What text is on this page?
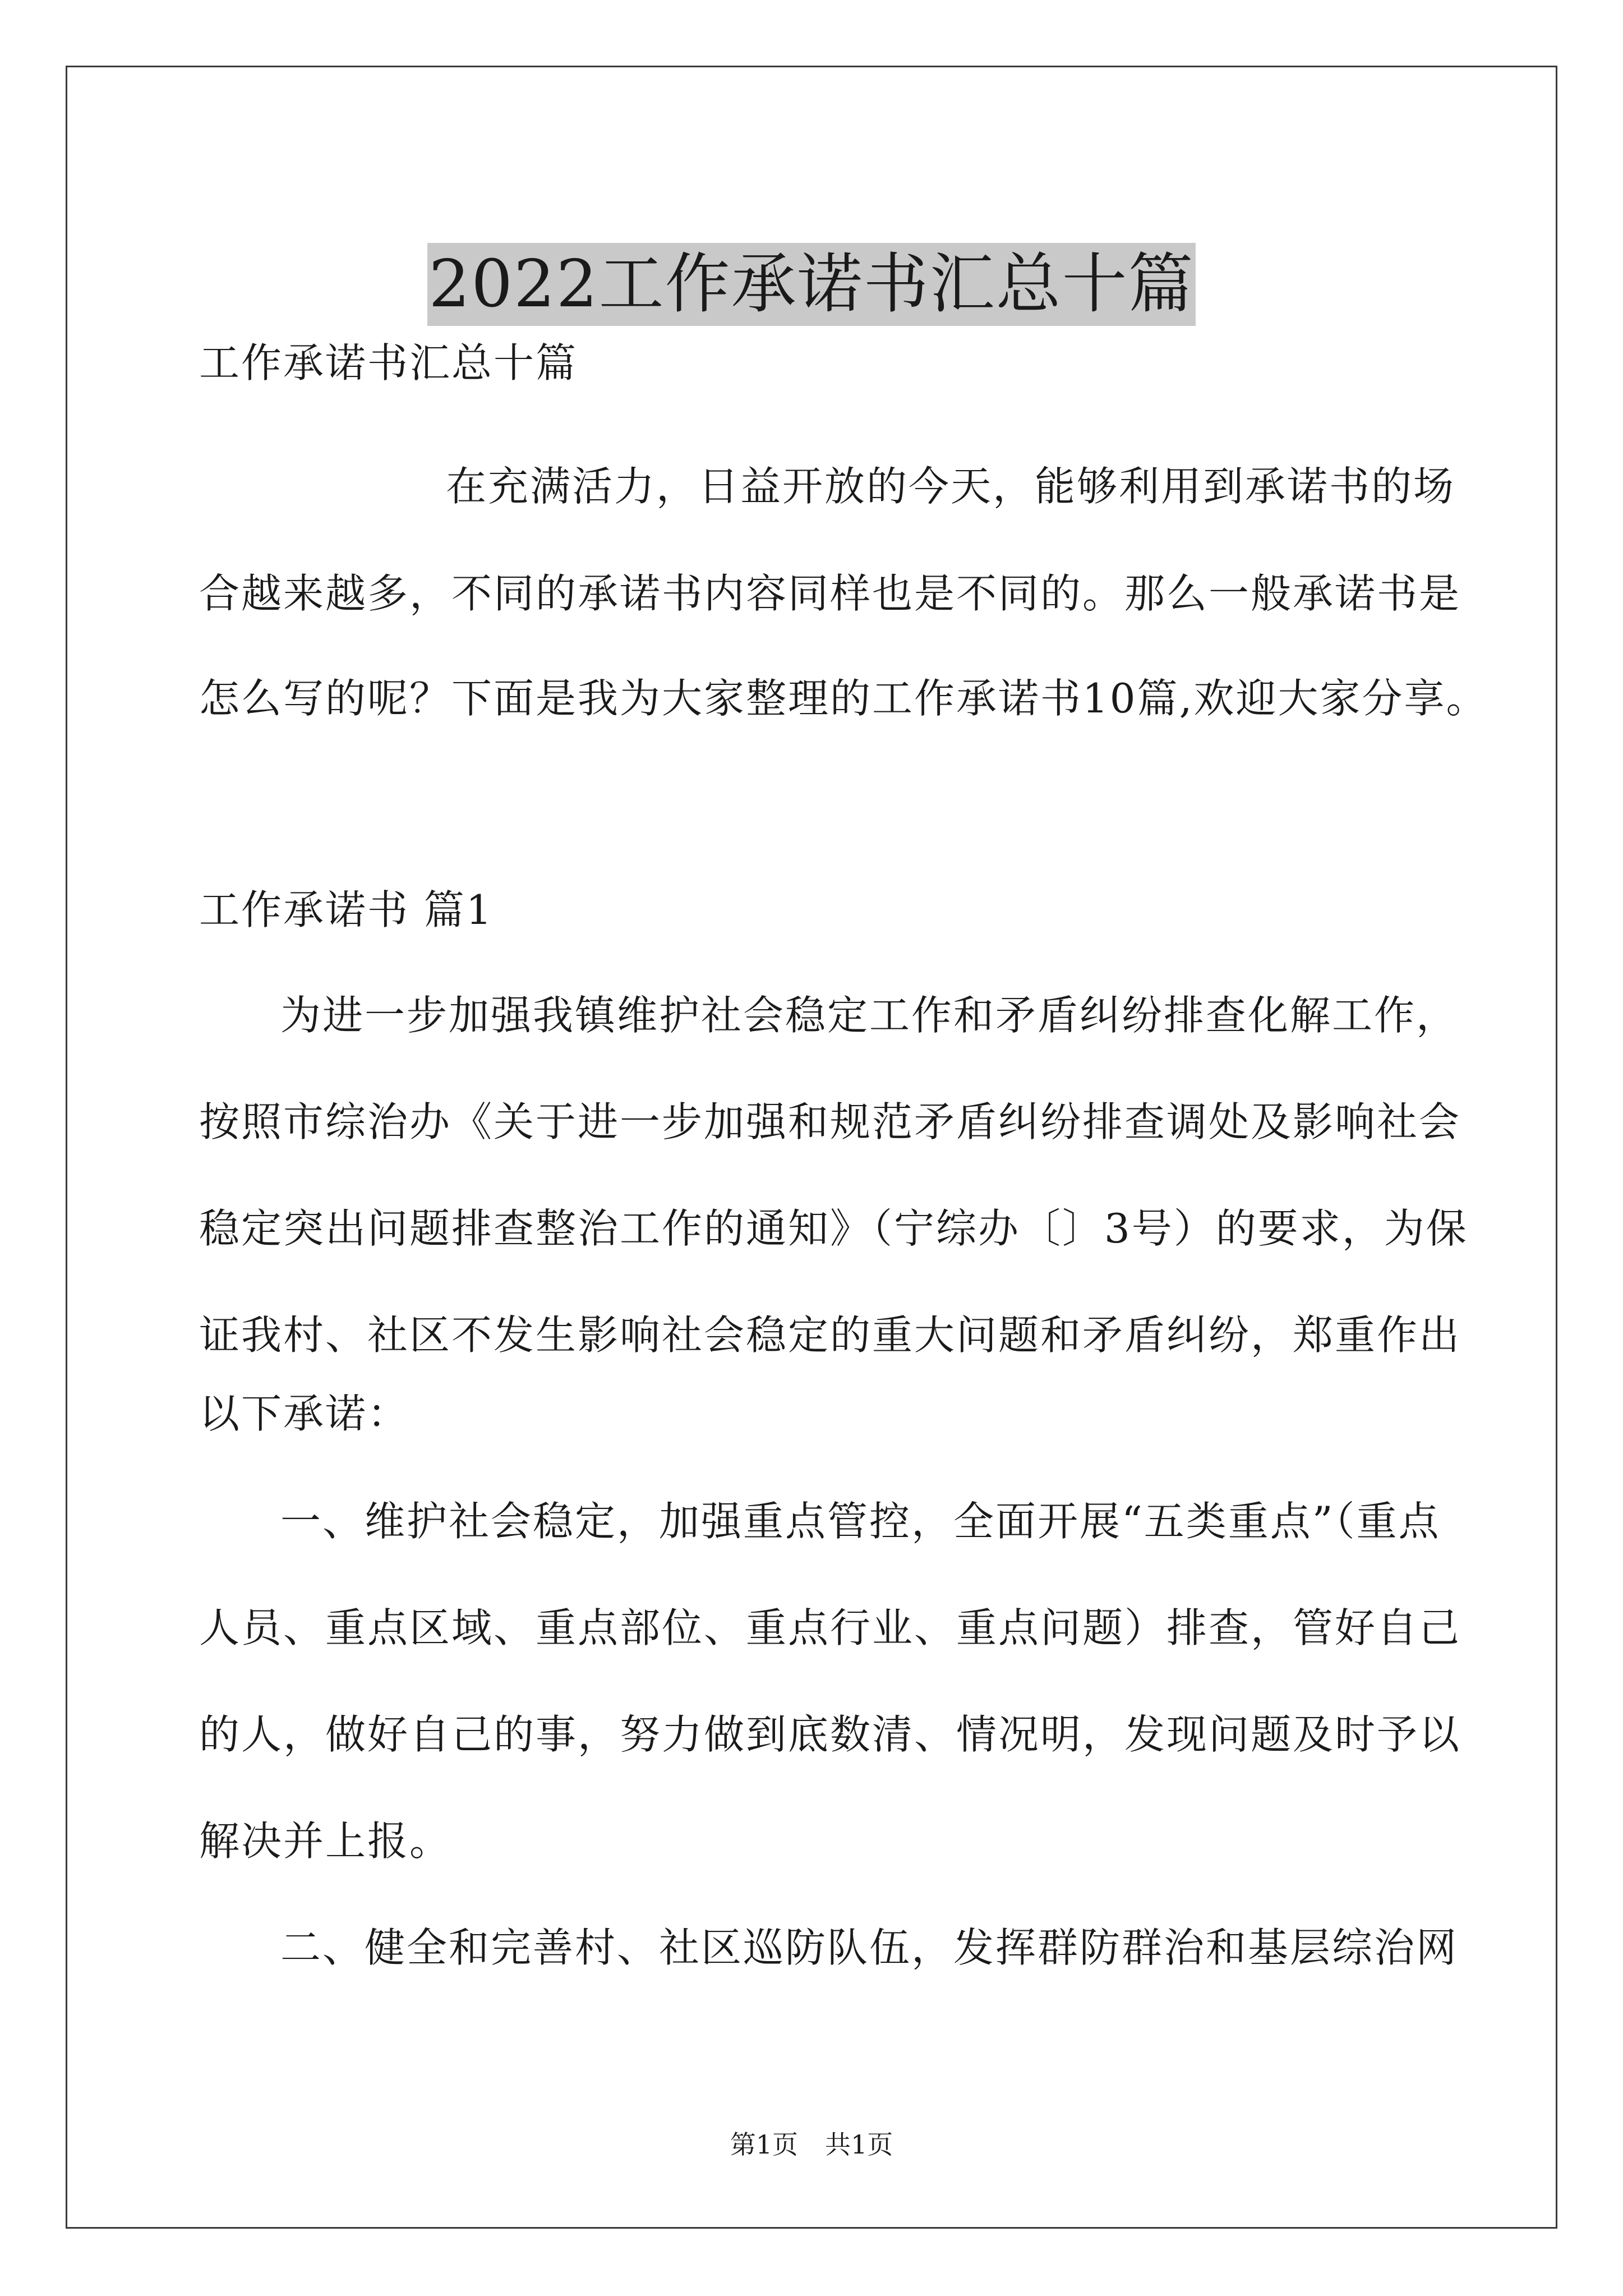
2022工作承诺书汇总十篇
工作承诺书汇总十篇
在充满活力，日益开放的今天，能够利用到承诺书的场
合越来越多，不同的承诺书内容同样也是不同的。那么一般承诺书是
怎么写的呢？下面是我为大家整理的工作承诺书10篇,欢迎大家分享。
工作承诺书 篇1
为进一步加强我镇维护社会稳定工作和矛盾纠纷排查化解工作，
按照市综治办《关于进一步加强和规范矛盾纠纷排查调处及影响社会
稳定突出问题排查整治工作的通知》（宁综办〔〕3号）的要求，为保
证我村、社区不发生影响社会稳定的重大问题和矛盾纠纷，郑重作出
以下承诺：
一、维护社会稳定，加强重点管控，全面开展“五类重点”（重点
人员、重点区域、重点部位、重点行业、重点问题）排查，管好自己
的人，做好自己的事，努力做到底数清、情况明，发现问题及时予以
解决并上报。
二、健全和完善村、社区巡防队伍，发挥群防群治和基层综治网
第1页 共1页
